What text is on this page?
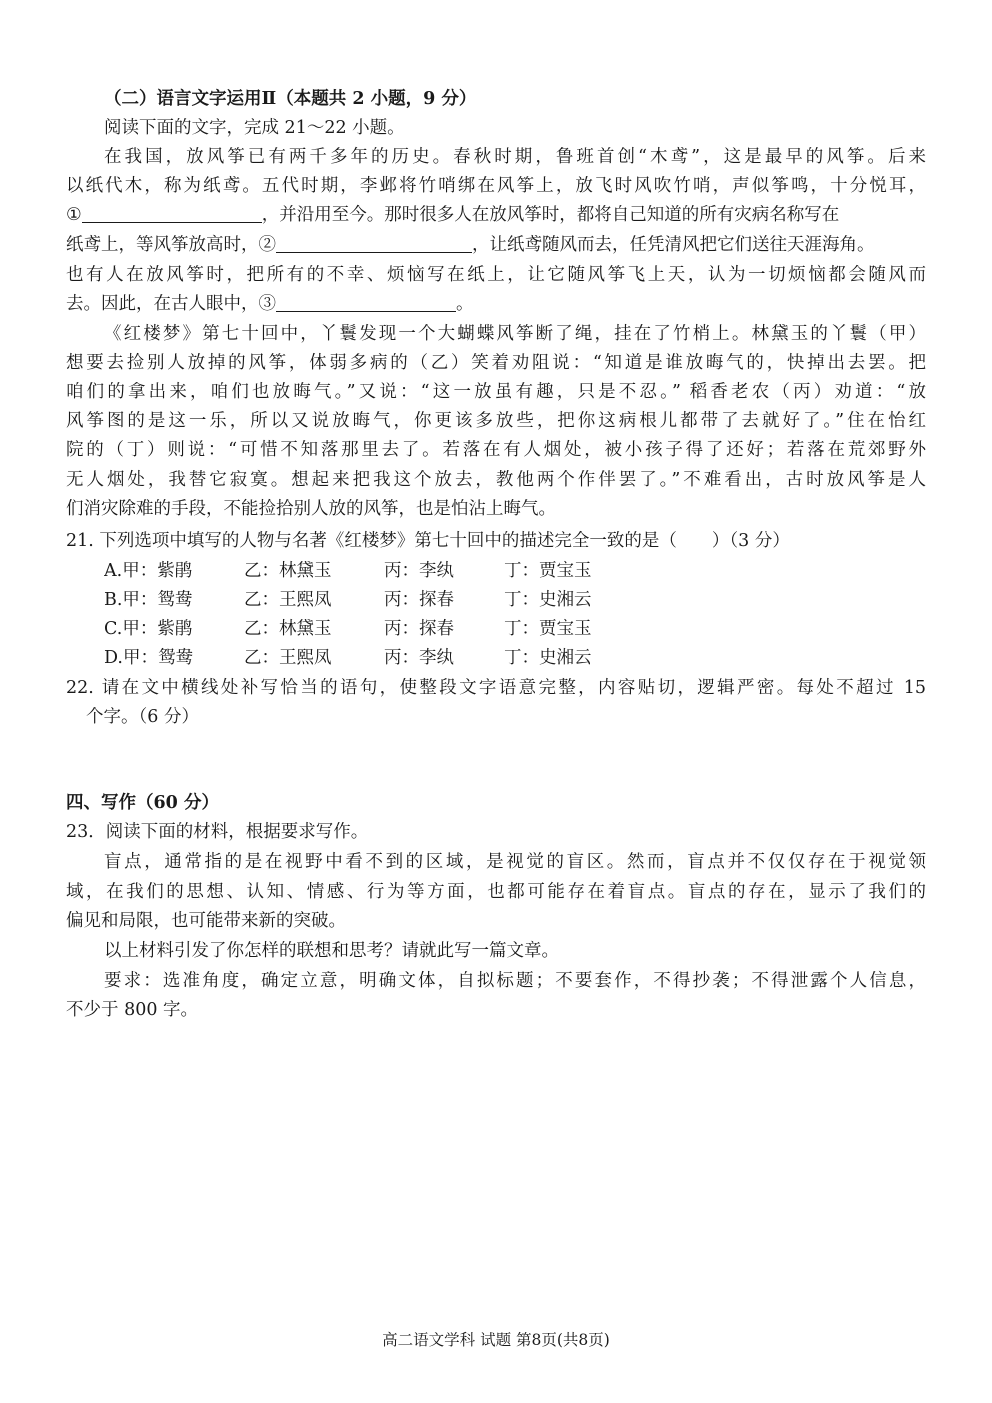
（二）语言文字运用Ⅱ（本题共 2 小题，9 分）
阅读下面的文字，完成 21～22 小题。
在我国，放风筝已有两千多年的历史。春秋时期，鲁班首创“木鸢”，这是最早的风筝。后来
以纸代木，称为纸鸢。五代时期，李邺将竹哨绑在风筝上，放飞时风吹竹哨，声似筝鸣，十分悦耳，
①	，并沿用至今。那时很多人在放风筝时，都将自己知道的所有灾病名称写在
纸鸢上，等风筝放高时，②	，让纸鸢随风而去，任凭清风把它们送往天涯海角。
也有人在放风筝时，把所有的不幸、烦恼写在纸上，让它随风筝飞上天，认为一切烦恼都会随风而
去。因此，在古人眼中，③	。
《红楼梦》第七十回中，丫鬟发现一个大蝴蝶风筝断了绳，挂在了竹梢上。林黛玉的丫鬟（甲）
想要去捡别人放掉的风筝，体弱多病的（乙）笑着劝阻说：“知道是谁放晦气的，快掉出去罢。把
咱们的拿出来，咱们也放晦气。”又说：“这一放虽有趣，只是不忍。” 稻香老农（丙）劝道：“放
风筝图的是这一乐，所以又说放晦气，你更该多放些，把你这病根儿都带了去就好了。”住在怡红
院的（丁）则说：“可惜不知落那里去了。若落在有人烟处，被小孩子得了还好；若落在荒郊野外
无人烟处，我替它寂寞。想起来把我这个放去，教他两个作伴罢了。”不难看出，古时放风筝是人
们消灾除难的手段，不能捡拾别人放的风筝，也是怕沾上晦气。
21. 下列选项中填写的人物与名著《红楼梦》第七十回中的描述完全一致的是（　　）（3 分）
A.甲：紫鹃	乙：林黛玉	丙：李纨	丁：贾宝玉
B.甲：鸳鸯	乙：王熙凤	丙：探春	丁：史湘云
C.甲：紫鹃	乙：林黛玉	丙：探春	丁：贾宝玉
D.甲：鸳鸯	乙：王熙凤	丙：李纨	丁：史湘云
22. 请在文中横线处补写恰当的语句，使整段文字语意完整，内容贴切，逻辑严密。每处不超过 15
个字。（6 分）
四、写作（60 分）
23．阅读下面的材料，根据要求写作。
盲点，通常指的是在视野中看不到的区域，是视觉的盲区。然而，盲点并不仅仅存在于视觉领
域，在我们的思想、认知、情感、行为等方面，也都可能存在着盲点。盲点的存在，显示了我们的
偏见和局限，也可能带来新的突破。
以上材料引发了你怎样的联想和思考？请就此写一篇文章。
要求：选准角度，确定立意，明确文体，自拟标题；不要套作，不得抄袭；不得泄露个人信息，
不少于 800 字。
高二语文学科 试题 第8页(共8页)
